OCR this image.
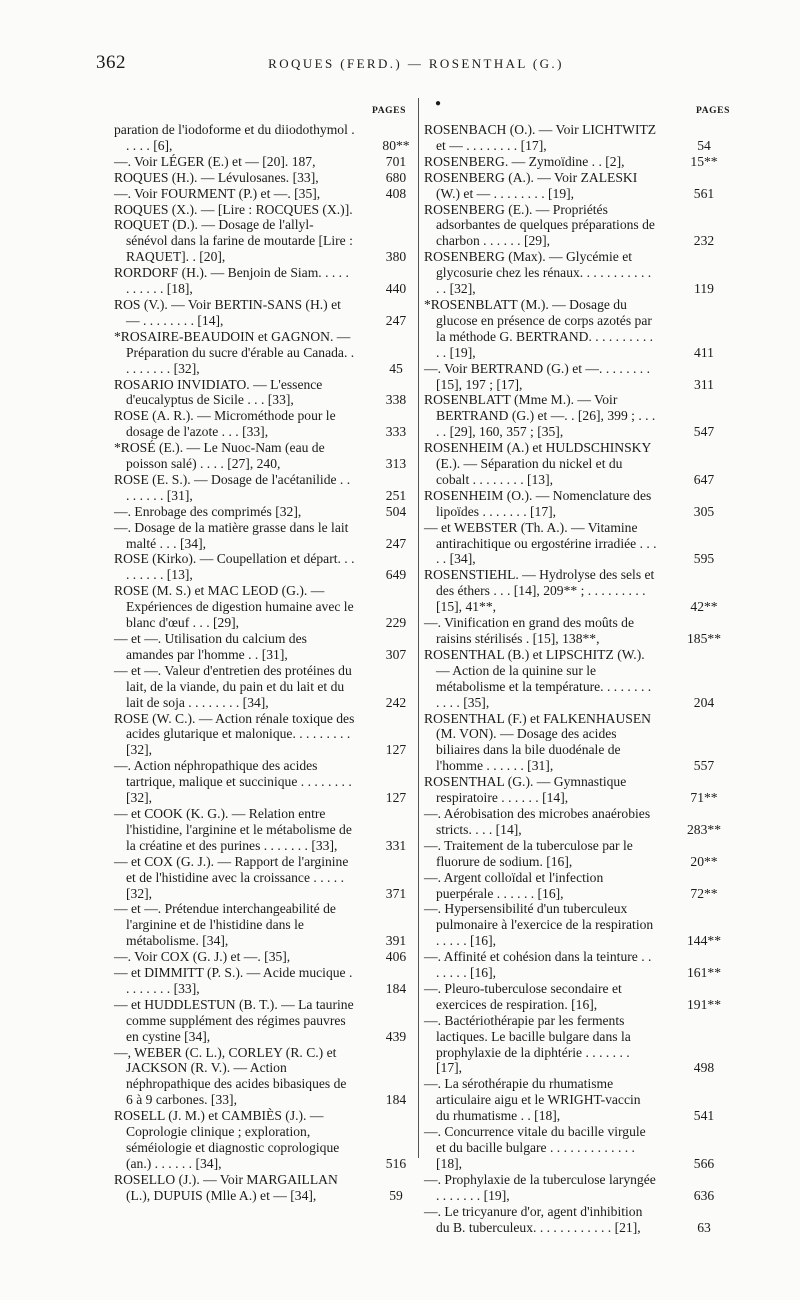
362	ROQUES (FERD.) — ROSENTHAL (G.)
PAGES
paration de l'iodoforme et du diiodothymol . . . . . [6],	80**
—. Voir LÉGER (E.) et — [20]. 187,	701
ROQUES (H.). — Lévulosanes. [33],	680
—. Voir FOURMENT (P.) et —. [35],	408
ROQUES (X.). — [Lire : ROCQUES (X.)].
ROQUET (D.). — Dosage de l'allyl-sénévol dans la farine de moutarde [Lire : RAQUET]. . [20],	380
RORDORF (H.). — Benjoin de Siam. . . . . . . . . . . [18],	440
ROS (V.). — Voir BERTIN-SANS (H.) et — . . . . . . . . [14],	247
*ROSAIRE-BEAUDOIN et GAGNON. — Préparation du sucre d'érable au Canada. . . . . . . . . [32],	45
ROSARIO INVIDIATO. — L'essence d'eucalyptus de Sicile . . . [33],	338
ROSE (A. R.). — Microméthode pour le dosage de l'azote . . . [33],	333
*ROSÉ (E.). — Le Nuoc-Nam (eau de poisson salé) . . . . [27], 240,	313
ROSE (E. S.). — Dosage de l'acétanilide . . . . . . . . [31],	251
—. Enrobage des comprimés [32],	504
—. Dosage de la matière grasse dans le lait malté . . . [34],	247
ROSE (Kirko). — Coupellation et départ. . . . . . . . . [13],	649
ROSE (M. S.) et MAC LEOD (G.). — Expériences de digestion humaine avec le blanc d'œuf . . . [29],	229
— et —. Utilisation du calcium des amandes par l'homme . . [31],	307
— et —. Valeur d'entretien des protéines du lait, de la viande, du pain et du lait et du lait de soja . . . . . . . . [34],	242
ROSE (W. C.). — Action rénale toxique des acides glutarique et malonique. . . . . . . . . [32],	127
—. Action néphropathique des acides tartrique, malique et succinique . . . . . . . . [32],	127
— et COOK (K. G.). — Relation entre l'histidine, l'arginine et le métabolisme de la créatine et des purines . . . . . . . [33],	331
— et COX (G. J.). — Rapport de l'arginine et de l'histidine avec la croissance . . . . . [32],	371
— et —. Prétendue interchangeabilité de l'arginine et de l'histidine dans le métabolisme. [34],	391
—. Voir COX (G. J.) et —. [35],	406
— et DIMMITT (P. S.). — Acide mucique . . . . . . . . [33],	184
— et HUDDLESTUN (B. T.). — La taurine comme supplément des régimes pauvres en cystine [34],	439
—, WEBER (C. L.), CORLEY (R. C.) et JACKSON (R. V.). — Action néphropathique des acides bibasiques de 6 à 9 carbones. [33],	184
ROSELL (J. M.) et CAMBIÈS (J.). — Coprologie clinique ; exploration, séméiologie et diagnostic coprologique (an.) . . . . . . [34],	516
ROSELLO (J.). — Voir MARGAILLAN (L.), DUPUIS (Mlle A.) et — [34],	59
●
PAGES
ROSENBACH (O.). — Voir LICHTWITZ et — . . . . . . . . [17],	54
ROSENBERG. — Zymoïdine . . [2],	15**
ROSENBERG (A.). — Voir ZALESKI (W.) et — . . . . . . . . [19],	561
ROSENBERG (E.). — Propriétés adsorbantes de quelques préparations de charbon . . . . . . [29],	232
ROSENBERG (Max). — Glycémie et glycosurie chez les rénaux. . . . . . . . . . . . . [32],	119
*ROSENBLATT (M.). — Dosage du glucose en présence de corps azotés par la méthode G. BERTRAND. . . . . . . . . . . . [19],	411
—. Voir BERTRAND (G.) et —. . . . . . . . [15], 197 ; [17],	311
ROSENBLATT (Mme M.). — Voir BERTRAND (G.) et —. . [26], 399 ; . . . . . [29], 160, 357 ; [35],	547
ROSENHEIM (A.) et HULDSCHINSKY (E.). — Séparation du nickel et du cobalt . . . . . . . . [13],	647
ROSENHEIM (O.). — Nomenclature des lipoïdes . . . . . . . [17],	305
— et WEBSTER (Th. A.). — Vitamine antirachitique ou ergostérine irradiée . . . . . [34],	595
ROSENSTIEHL. — Hydrolyse des sels et des éthers . . . [14], 209** ; . . . . . . . . . [15], 41**,	42**
—. Vinification en grand des moûts de raisins stérilisés . [15], 138**,	185**
ROSENTHAL (B.) et LIPSCHITZ (W.). — Action de la quinine sur le métabolisme et la température. . . . . . . . . . . . [35],	204
ROSENTHAL (F.) et FALKENHAUSEN (M. VON). — Dosage des acides biliaires dans la bile duodénale de l'homme . . . . . . [31],	557
ROSENTHAL (G.). — Gymnastique respiratoire . . . . . . [14],	71**
—. Aérobisation des microbes anaérobies stricts. . . . [14],	283**
—. Traitement de la tuberculose par le fluorure de sodium. [16],	20**
—. Argent colloïdal et l'infection puerpérale . . . . . . [16],	72**
—. Hypersensibilité d'un tuberculeux pulmonaire à l'exercice de la respiration . . . . . [16],	144**
—. Affinité et cohésion dans la teinture . . . . . . . [16],	161**
—. Pleuro-tuberculose secondaire et exercices de respiration. [16],	191**
—. Bactériothérapie par les ferments lactiques. Le bacille bulgare dans la prophylaxie de la diphtérie . . . . . . . [17],	498
—. La sérothérapie du rhumatisme articulaire aigu et le WRIGHT-vaccin du rhumatisme . . [18],	541
—. Concurrence vitale du bacille virgule et du bacille bulgare . . . . . . . . . . . . . [18],	566
—. Prophylaxie de la tuberculose laryngée . . . . . . . [19],	636
—. Le tricyanure d'or, agent d'inhibition du B. tuberculeux. . . . . . . . . . . . [21],	63
